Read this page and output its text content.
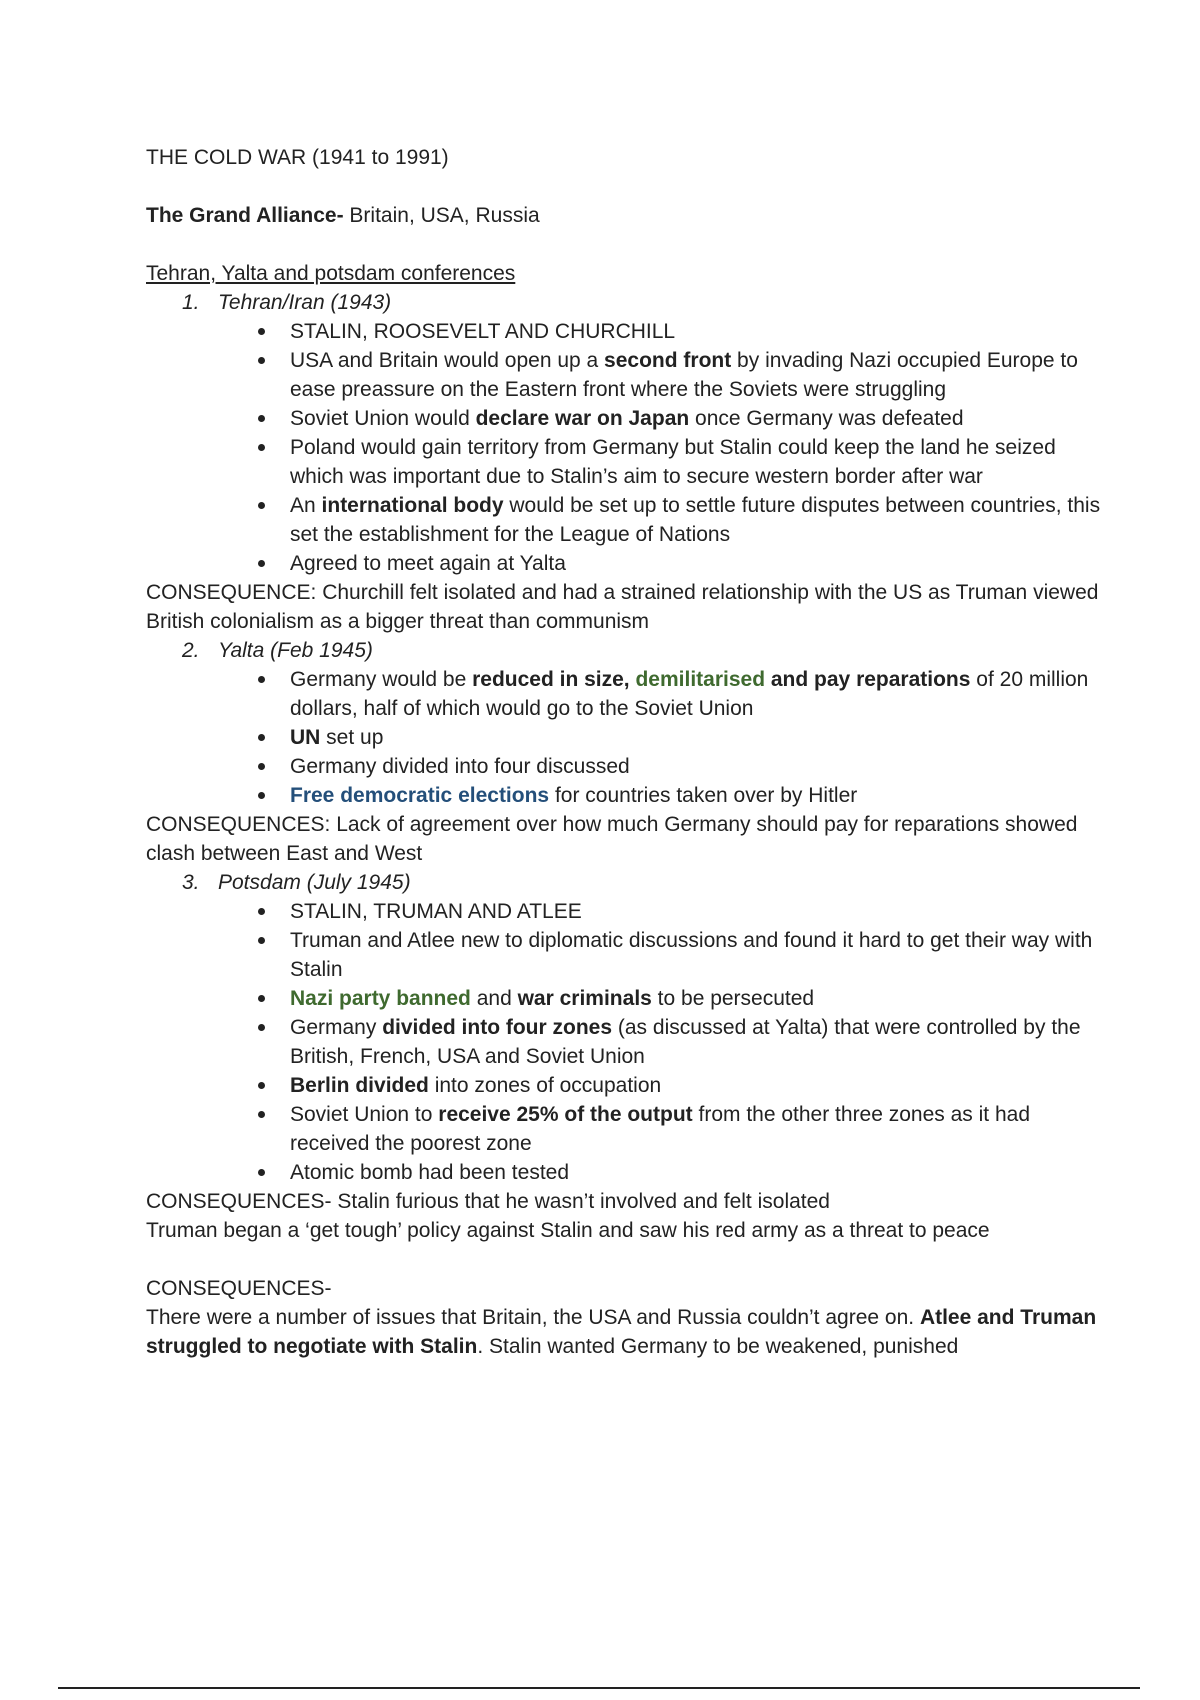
THE COLD WAR (1941 to 1991)

The Grand Alliance- Britain, USA, Russia

Tehran, Yalta and potsdam conferences

1. Tehran/Iran (1943)

STALIN, ROOSEVELT AND CHURCHILL
USA and Britain would open up a second front by invading Nazi occupied Europe to ease preassure on the Eastern front where the Soviets were struggling
Soviet Union would declare war on Japan once Germany was defeated
Poland would gain territory from Germany but Stalin could keep the land he seized which was important due to Stalin’s aim to secure western border after war
An international body would be set up to settle future disputes between countries, this set the establishment for the League of Nations
Agreed to meet again at Yalta

CONSEQUENCE: Churchill felt isolated and had a strained relationship with the US as Truman viewed British colonialism as a bigger threat than communism

2. Yalta (Feb 1945)

Germany would be reduced in size, demilitarised and pay reparations of 20 million dollars, half of which would go to the Soviet Union
UN set up
Germany divided into four discussed
Free democratic elections for countries taken over by Hitler

CONSEQUENCES: Lack of agreement over how much Germany should pay for reparations showed clash between East and West

3. Potsdam (July 1945)

STALIN, TRUMAN AND ATLEE
Truman and Atlee new to diplomatic discussions and found it hard to get their way with Stalin
Nazi party banned and war criminals to be persecuted
Germany divided into four zones (as discussed at Yalta) that were controlled by the British, French, USA and Soviet Union
Berlin divided into zones of occupation
Soviet Union to receive 25% of the output from the other three zones as it had received the poorest zone
Atomic bomb had been tested

CONSEQUENCES- Stalin furious that he wasn’t involved and felt isolated

Truman began a ‘get tough’ policy against Stalin and saw his red army as a threat to peace

CONSEQUENCES-

There were a number of issues that Britain, the USA and Russia couldn’t agree on. Atlee and Truman struggled to negotiate with Stalin. Stalin wanted Germany to be weakened, punished
